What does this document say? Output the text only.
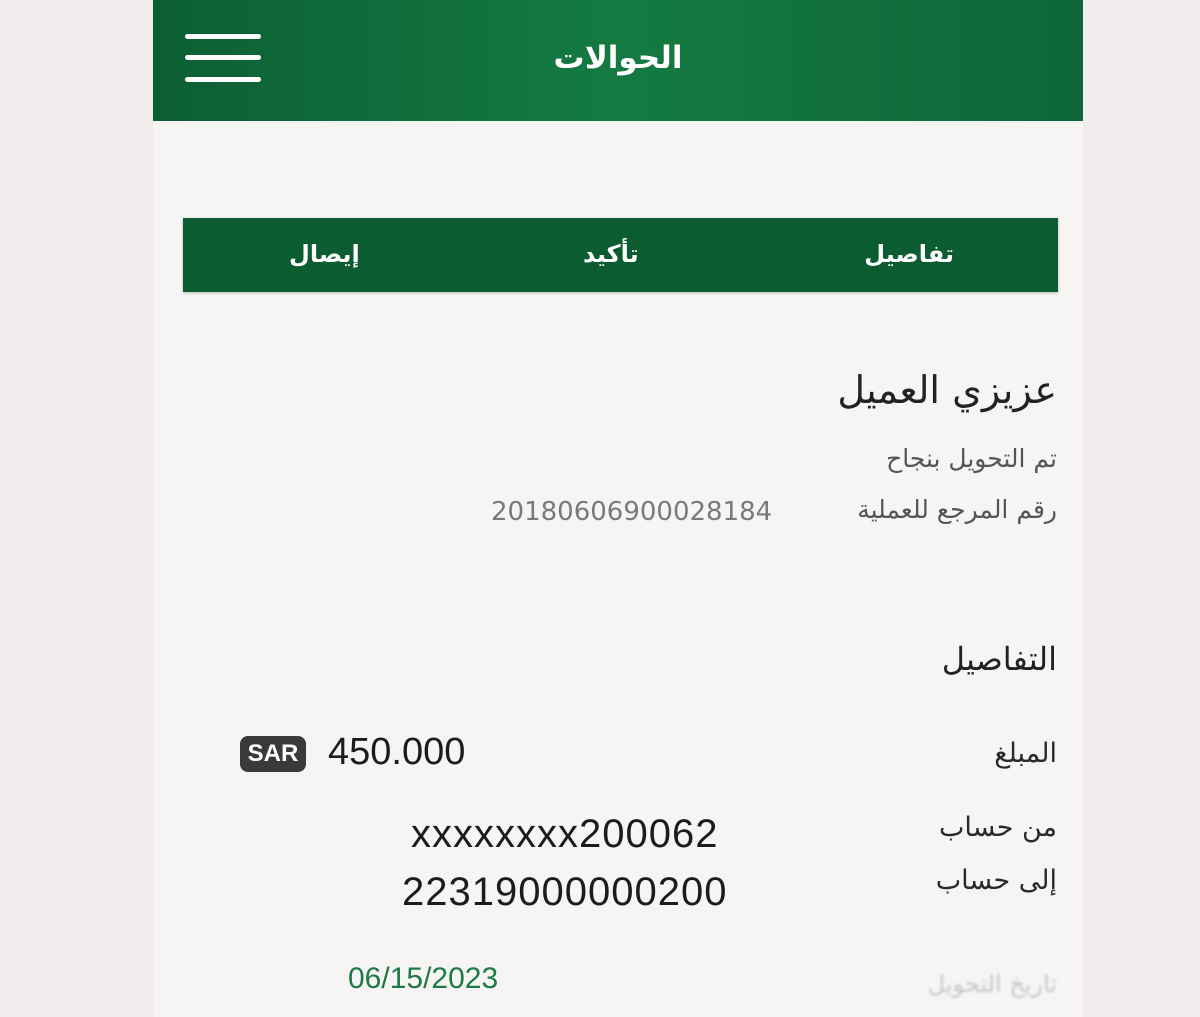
الحوالات
تفاصيل
تأكيد
إيصال
عزيزي العميل
تم التحويل بنجاح
رقم المرجع للعملية
2018060690002818‎4
التفاصيل
المبلغ
SAR 450.000
من حساب
xxxxxxxx200062
إلى حساب
22319000000200
06/15/2023	تاريخ التحويل
